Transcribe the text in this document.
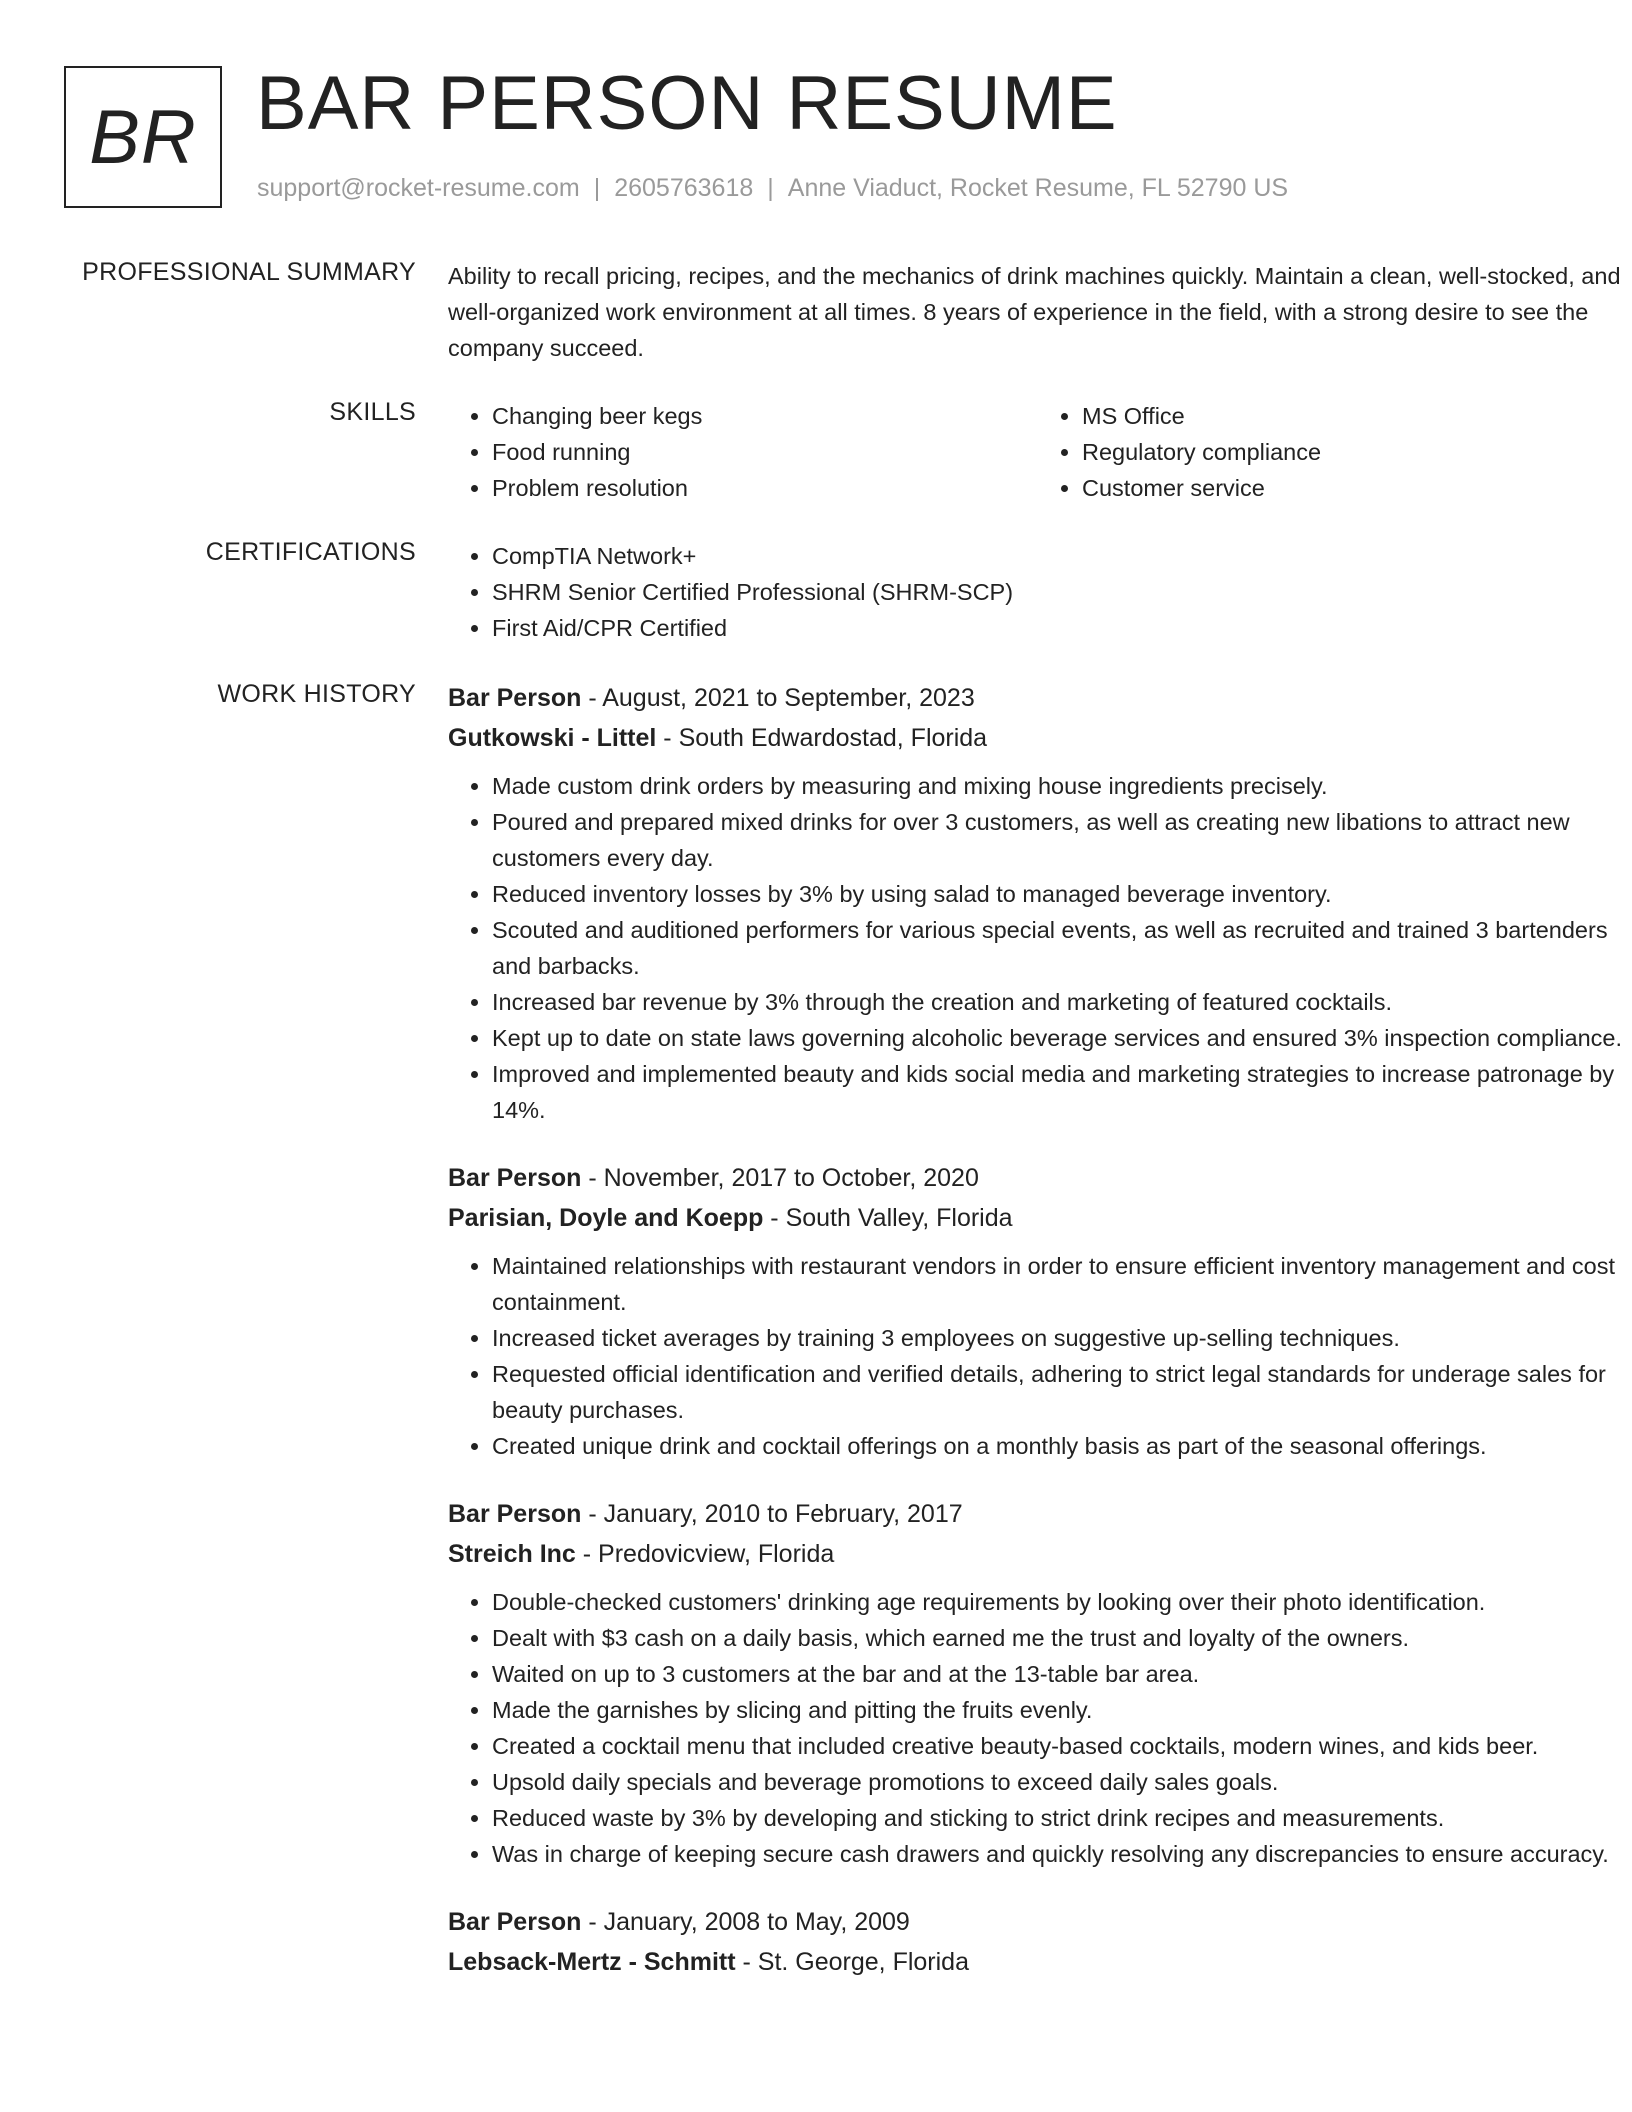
BR BAR PERSON RESUME
support@rocket-resume.com | 2605763618 | Anne Viaduct, Rocket Resume, FL 52790 US
PROFESSIONAL SUMMARY Ability to recall pricing, recipes, and the mechanics of drink machines quickly. Maintain a clean, well-stocked, and well-organized work environment at all times. 8 years of experience in the field, with a strong desire to see the company succeed.

SKILLS	• Changing beer kegs
• Food running
• Problem resolution
• MS Office
• Regulatory compliance
• Customer service
CERTIFICATIONS	• CompTIA Network+
• SHRM Senior Certified Professional (SHRM-SCP)
• First Aid/CPR Certified
WORK HISTORY Bar Person - August, 2021 to September, 2023
Gutkowski - Littel - South Edwardostad, Florida
• Made custom drink orders by measuring and mixing house ingredients precisely.
• Poured and prepared mixed drinks for over 3 customers, as well as creating new libations to attract new customers every day.
• Reduced inventory losses by 3% by using salad to managed beverage inventory.
• Scouted and auditioned performers for various special events, as well as recruited and trained 3 bartenders and barbacks.
• Increased bar revenue by 3% through the creation and marketing of featured cocktails.
• Kept up to date on state laws governing alcoholic beverage services and ensured 3% inspection compliance.
• Improved and implemented beauty and kids social media and marketing strategies to increase patronage by 14%.
Bar Person - November, 2017 to October, 2020
Parisian, Doyle and Koepp - South Valley, Florida
• Maintained relationships with restaurant vendors in order to ensure efficient inventory management and cost containment.
• Increased ticket averages by training 3 employees on suggestive up-selling techniques.
• Requested official identification and verified details, adhering to strict legal standards for underage sales for beauty purchases.
• Created unique drink and cocktail offerings on a monthly basis as part of the seasonal offerings.
Bar Person - January, 2010 to February, 2017
Streich Inc - Predovicview, Florida
• Double-checked customers' drinking age requirements by looking over their photo identification.
• Dealt with $3 cash on a daily basis, which earned me the trust and loyalty of the owners.
• Waited on up to 3 customers at the bar and at the 13-table bar area.
• Made the garnishes by slicing and pitting the fruits evenly.
• Created a cocktail menu that included creative beauty-based cocktails, modern wines, and kids beer.
• Upsold daily specials and beverage promotions to exceed daily sales goals.
• Reduced waste by 3% by developing and sticking to strict drink recipes and measurements.
• Was in charge of keeping secure cash drawers and quickly resolving any discrepancies to ensure accuracy.
Bar Person - January, 2008 to May, 2009
Lebsack-Mertz - Schmitt - St. George, Florida
